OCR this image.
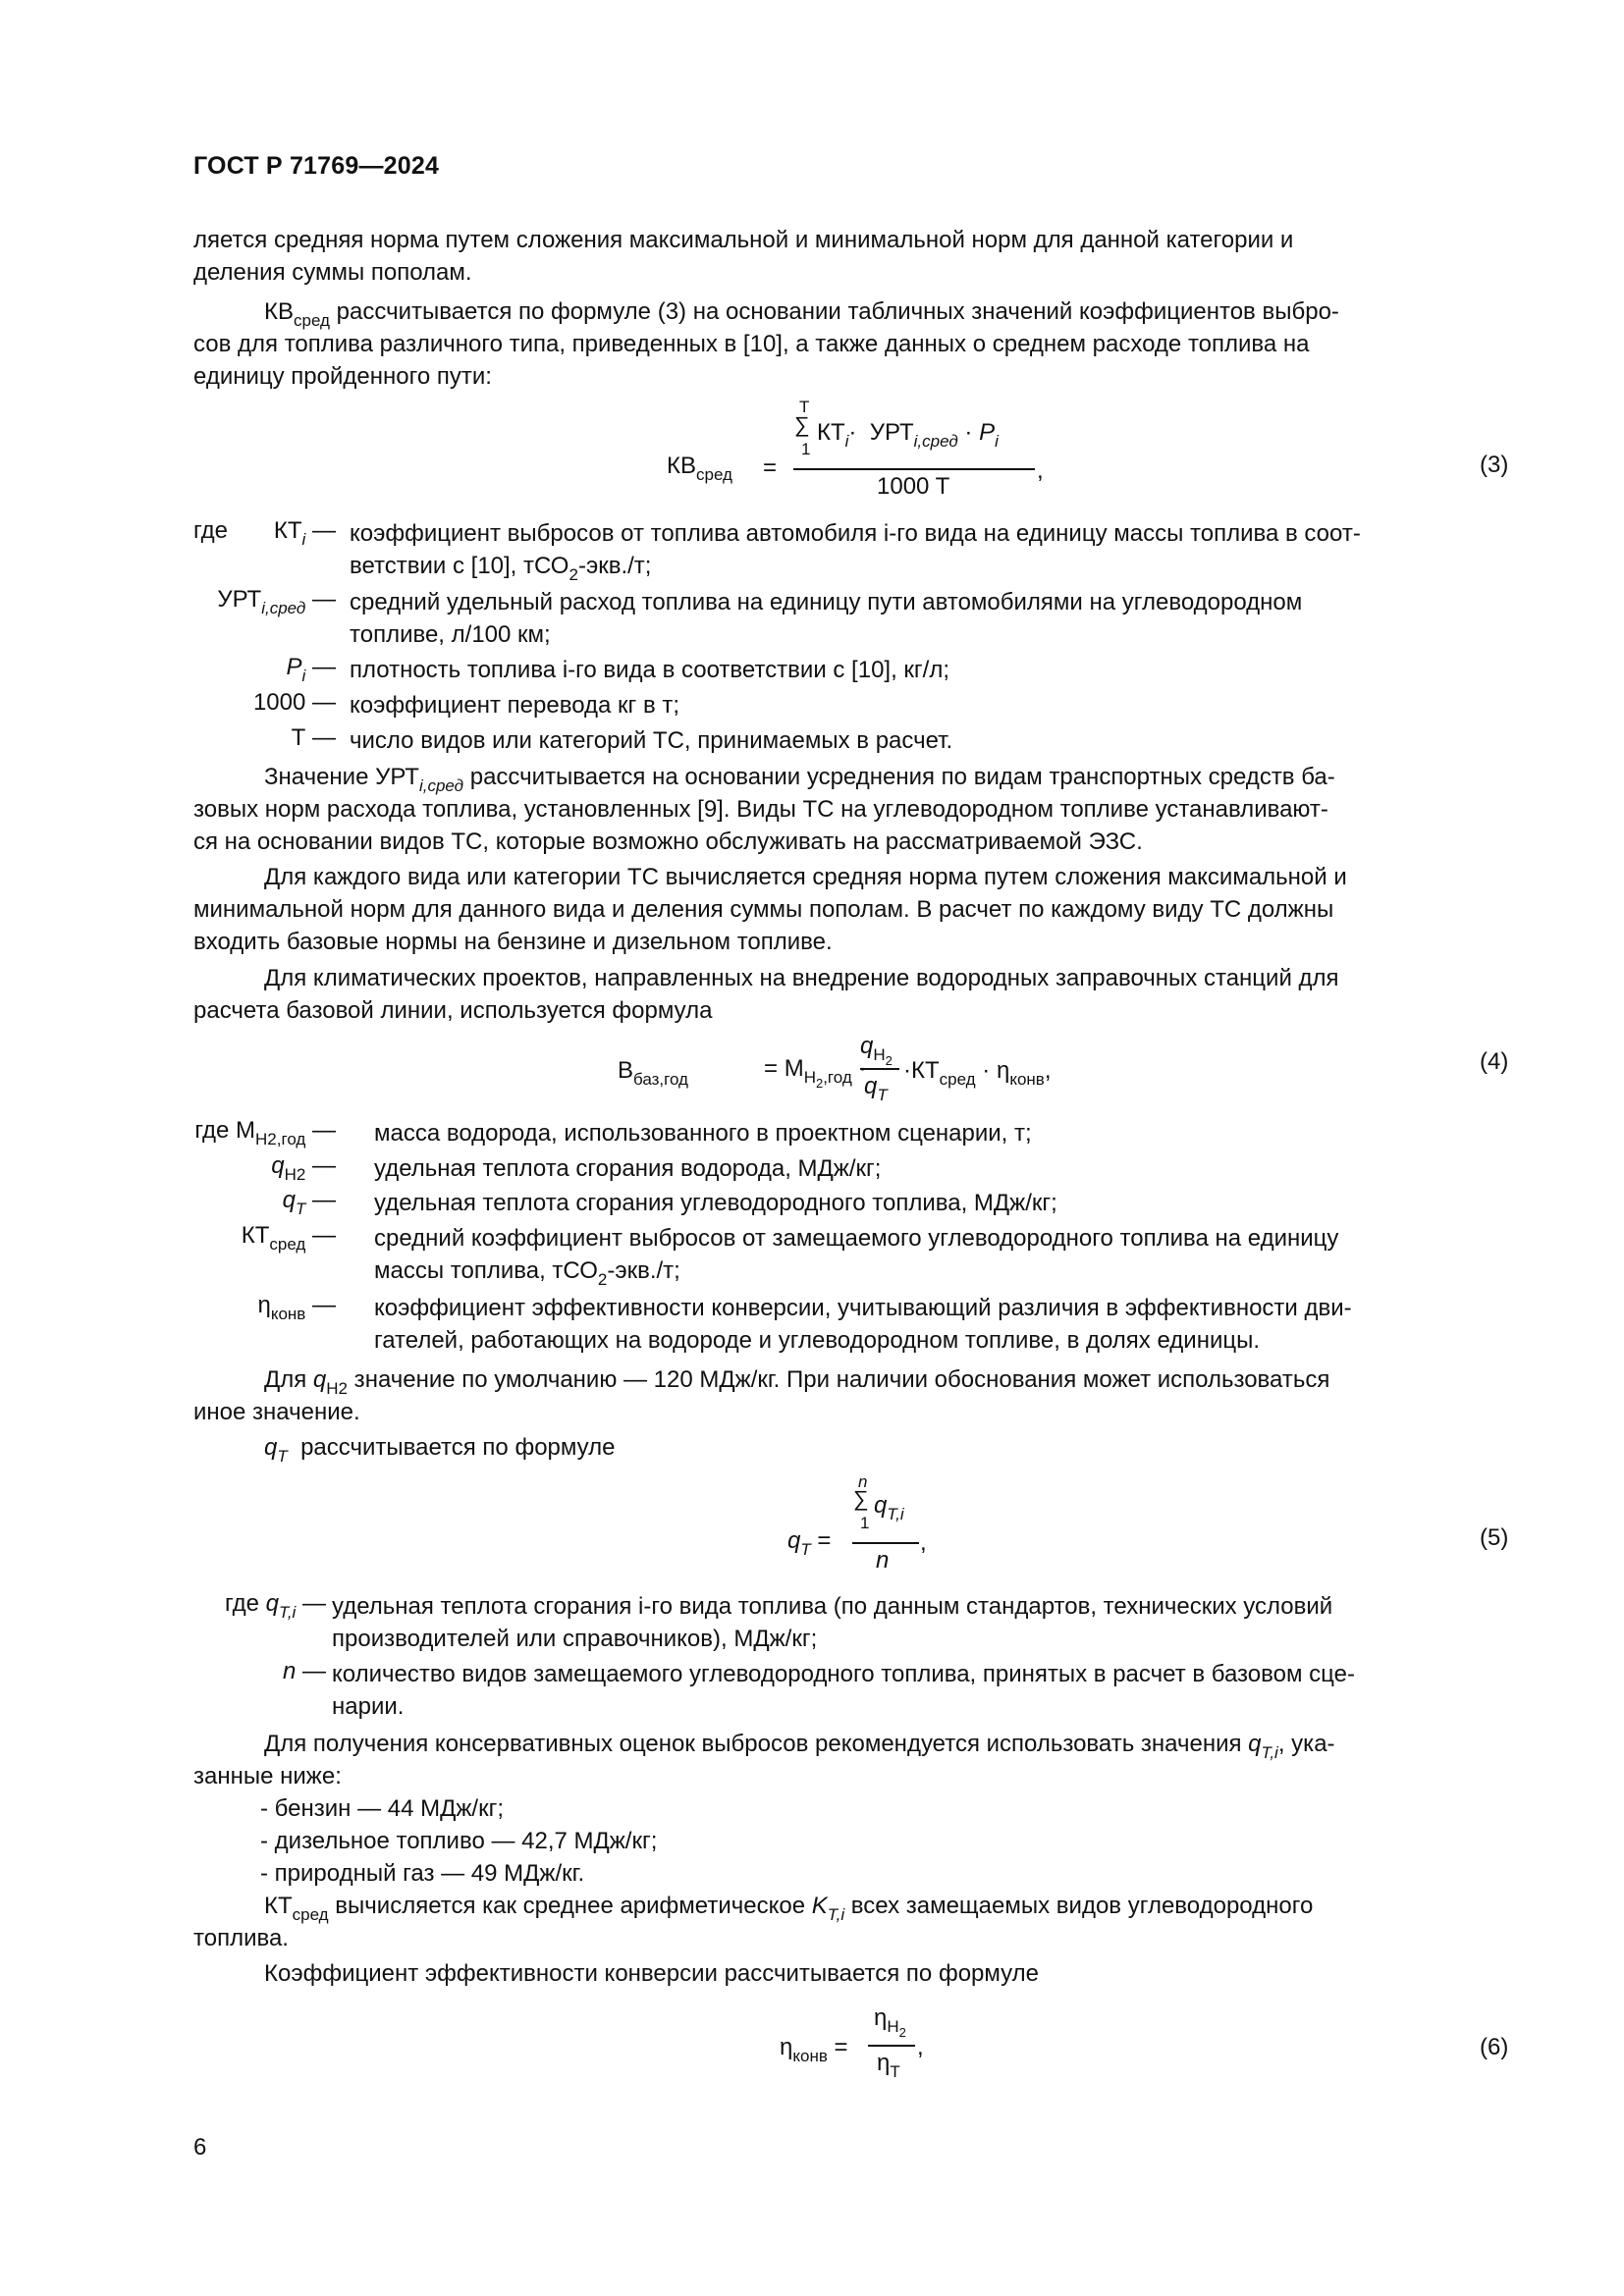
ГОСТ Р 71769—2024

ляется средняя норма путем сложения максимальной и минимальной норм для данной категории и

деления суммы пополам.

$КВ_{сред}$ рассчитывается по формуле (3) на основании табличных значений коэффициентов выбро-

сов для топлива различного типа, приведенных в [10], а также данных о среднем расходе топлива на

единицу пройденного пути:

$КВ_{сред}$ =
T
∑
1
$КТ_i\cdot УРТ_{i,сред} \cdot P_i$
1000 T
,	(3)
где $КТ_i$ — коэффициент выбросов от топлива автомобиля i-го вида на единицу массы топлива в соот-
ветствии с [10], тСО$_2$-экв./т;
$УРТ_{i,сред}$ — средний удельный расход топлива на единицу пути автомобилями на углеводородном
топливе, л/100 км;
$P_i$ — плотность топлива i-го вида в соответствии с [10], кг/л;
1000 — коэффициент перевода кг в т;
Т — число видов или категорий ТС, принимаемых в расчет.
Значение $УРТ_{i,сред}$ рассчитывается на основании усреднения по видам транспортных средств ба-

зовых норм расхода топлива, установленных [9]. Виды ТС на углеводородном топливе устанавливают-

ся на основании видов ТС, которые возможно обслуживать на рассматриваемой ЭЗС.

Для каждого вида или категории ТС вычисляется средняя норма путем сложения максимальной и

минимальной норм для данного вида и деления суммы пополам. В расчет по каждому виду ТС должны

входить базовые нормы на бензине и дизельном топливе.

Для климатических проектов, направленных на внедрение водородных заправочных станций для

расчета базовой линии, используется формула

$B_{баз,год}$	= $M_{H_2,год}$
$q_{H_2}$
$q_T$
$\cdot КТ_{сред} \cdot \eta_{конв}$,	(4)
где $M_{H2,год}$ — масса водорода, использованного в проектном сценарии, т;
$q_{H2}$ — удельная теплота сгорания водорода, МДж/кг;
$q_T$ — удельная теплота сгорания углеводородного топлива, МДж/кг;
$КТ_{сред}$ — средний коэффициент выбросов от замещаемого углеводородного топлива на единицу
массы топлива, тСО$_2$-экв./т;
$\eta_{конв}$ — коэффициент эффективности конверсии, учитывающий различия в эффективности дви-
гателей, работающих на водороде и углеводородном топливе, в долях единицы.
Для $q_{H2}$ значение по умолчанию — 120 МДж/кг. При наличии обоснования может использоваться

иное значение.

$q_T$  рассчитывается по формуле
$q_T$ =
n
∑
1
$q_{T,i}$
n
,	(5)
где $q_{T,i}$ — удельная теплота сгорания i-го вида топлива (по данным стандартов, технических условий
производителей или справочников), МДж/кг;
n — количество видов замещаемого углеводородного топлива, принятых в расчет в базовом сце-
нарии.
Для получения консервативных оценок выбросов рекомендуется использовать значения $q_{T,i}$, ука-

занные ниже:

- бензин — 44 МДж/кг;

- дизельное топливо — 42,7 МДж/кг;

- природный газ — 49 МДж/кг.

$КТ_{сред}$ вычисляется как среднее арифметическое $K_{T,i}$ всех замещаемых видов углеводородного

топлива.

Коэффициент эффективности конверсии рассчитывается по формуле

$\eta_{конв}$ =
$\eta_{H_2}$
$\eta_T$
,	(6)
6
